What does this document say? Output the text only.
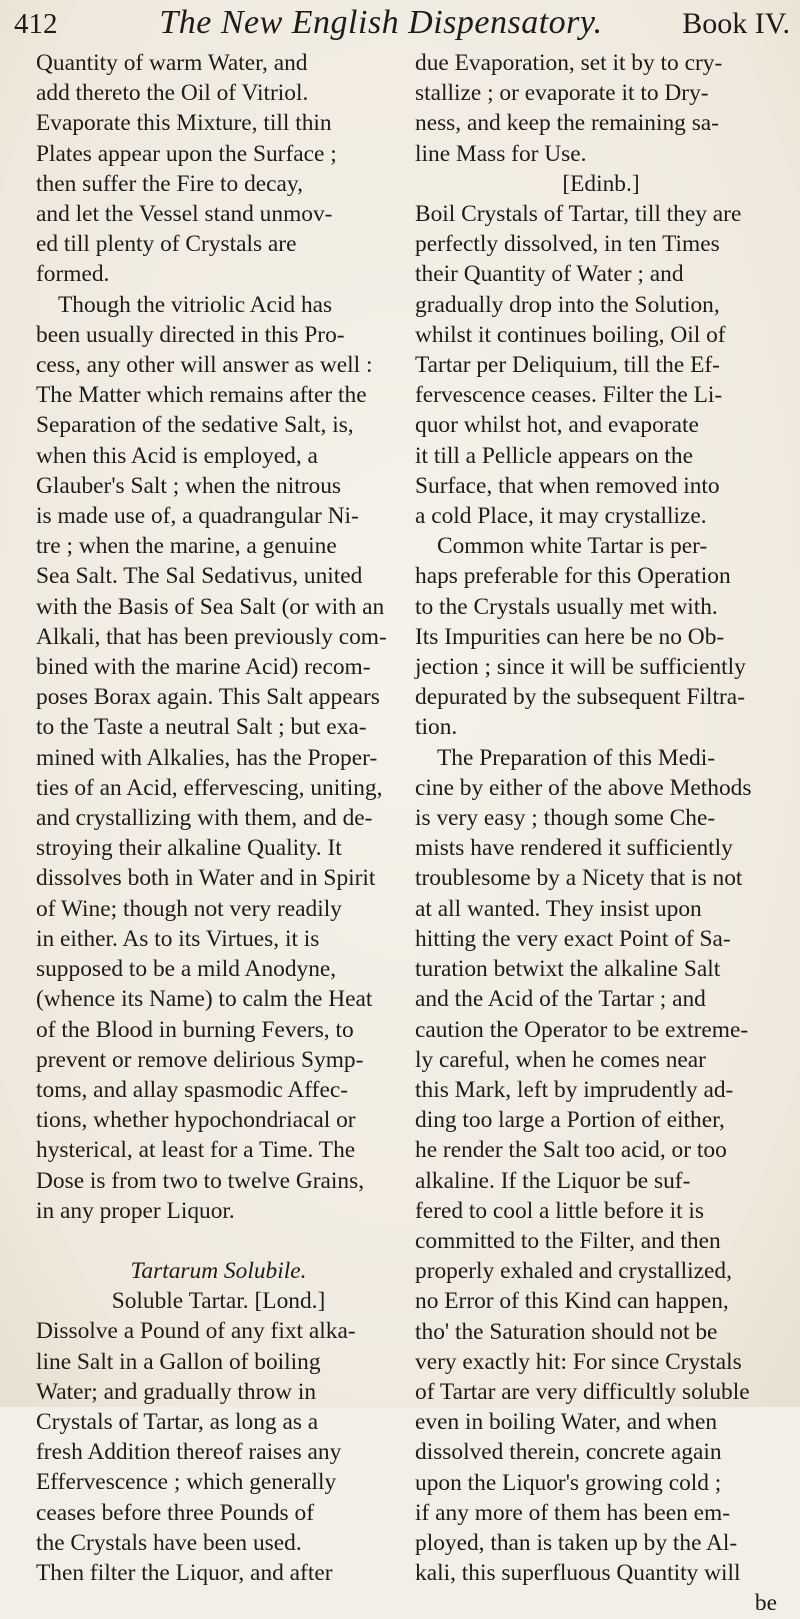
412	The New English Dispensatory.	Book IV.
Quantity of warm Water, and
add thereto the Oil of Vitriol.
Evaporate this Mixture, till thin
Plates appear upon the Surface ;
then suffer the Fire to decay,
and let the Vessel stand unmov-
ed till plenty of Crystals are
formed.
Though the vitriolic Acid has
been usually directed in this Pro-
cess, any other will answer as well :
The Matter which remains after the
Separation of the sedative Salt, is,
when this Acid is employed, a
Glauber's Salt ; when the nitrous
is made use of, a quadrangular Ni-
tre ; when the marine, a genuine
Sea Salt. The Sal Sedativus, united
with the Basis of Sea Salt (or with an
Alkali, that has been previously com-
bined with the marine Acid) recom-
poses Borax again. This Salt appears
to the Taste a neutral Salt ; but exa-
mined with Alkalies, has the Proper-
ties of an Acid, effervescing, uniting,
and crystallizing with them, and de-
stroying their alkaline Quality. It
dissolves both in Water and in Spirit
of Wine; though not very readily
in either. As to its Virtues, it is
supposed to be a mild Anodyne,
(whence its Name) to calm the Heat
of the Blood in burning Fevers, to
prevent or remove delirious Symp-
toms, and allay spasmodic Affec-
tions, whether hypochondriacal or
hysterical, at least for a Time. The
Dose is from two to twelve Grains,
in any proper Liquor.
Tartarum Solubile.
Soluble Tartar. [Lond.]
Dissolve a Pound of any fixt alka-
line Salt in a Gallon of boiling
Water; and gradually throw in
Crystals of Tartar, as long as a
fresh Addition thereof raises any
Effervescence ; which generally
ceases before three Pounds of
the Crystals have been used.
Then filter the Liquor, and after
due Evaporation, set it by to cry-
stallize ; or evaporate it to Dry-
ness, and keep the remaining sa-
line Mass for Use.
[Edinb.]
Boil Crystals of Tartar, till they are
perfectly dissolved, in ten Times
their Quantity of Water ; and
gradually drop into the Solution,
whilst it continues boiling, Oil of
Tartar per Deliquium, till the Ef-
fervescence ceases. Filter the Li-
quor whilst hot, and evaporate
it till a Pellicle appears on the
Surface, that when removed into
a cold Place, it may crystallize.
Common white Tartar is per-
haps preferable for this Operation
to the Crystals usually met with.
Its Impurities can here be no Ob-
jection ; since it will be sufficiently
depurated by the subsequent Filtra-
tion.
The Preparation of this Medi-
cine by either of the above Methods
is very easy ; though some Che-
mists have rendered it sufficiently
troublesome by a Nicety that is not
at all wanted. They insist upon
hitting the very exact Point of Sa-
turation betwixt the alkaline Salt
and the Acid of the Tartar ; and
caution the Operator to be extreme-
ly careful, when he comes near
this Mark, left by imprudently ad-
ding too large a Portion of either,
he render the Salt too acid, or too
alkaline. If the Liquor be suf-
fered to cool a little before it is
committed to the Filter, and then
properly exhaled and crystallized,
no Error of this Kind can happen,
tho' the Saturation should not be
very exactly hit: For since Crystals
of Tartar are very difficultly soluble
even in boiling Water, and when
dissolved therein, concrete again
upon the Liquor's growing cold ;
if any more of them has been em-
ployed, than is taken up by the Al-
kali, this superfluous Quantity will
be
